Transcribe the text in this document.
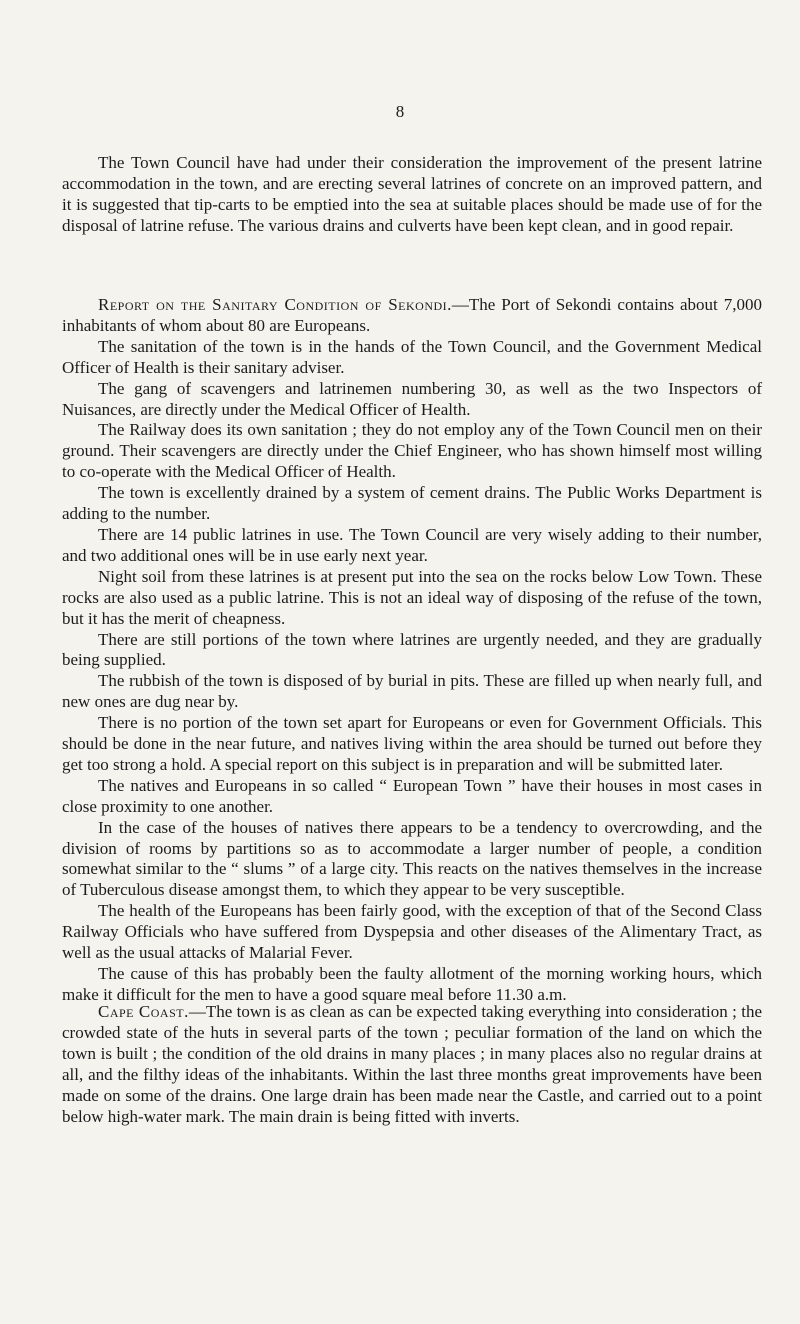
8

The Town Council have had under their consideration the improvement of the present latrine accommodation in the town, and are erecting several latrines of concrete on an improved pattern, and it is suggested that tip-carts to be emptied into the sea at suitable places should be made use of for the disposal of latrine refuse. The various drains and culverts have been kept clean, and in good repair.

Report on the Sanitary Condition of Sekondi.—The Port of Sekondi contains about 7,000 inhabitants of whom about 80 are Europeans.

The sanitation of the town is in the hands of the Town Council, and the Government Medical Officer of Health is their sanitary adviser.

The gang of scavengers and latrinemen numbering 30, as well as the two Inspectors of Nuisances, are directly under the Medical Officer of Health.

The Railway does its own sanitation ; they do not employ any of the Town Council men on their ground. Their scavengers are directly under the Chief Engineer, who has shown himself most willing to co-operate with the Medical Officer of Health.

The town is excellently drained by a system of cement drains. The Public Works Department is adding to the number.

There are 14 public latrines in use. The Town Council are very wisely adding to their number, and two additional ones will be in use early next year.

Night soil from these latrines is at present put into the sea on the rocks below Low Town. These rocks are also used as a public latrine. This is not an ideal way of disposing of the refuse of the town, but it has the merit of cheapness.

There are still portions of the town where latrines are urgently needed, and they are gradually being supplied.

The rubbish of the town is disposed of by burial in pits. These are filled up when nearly full, and new ones are dug near by.

There is no portion of the town set apart for Europeans or even for Government Officials. This should be done in the near future, and natives living within the area should be turned out before they get too strong a hold. A special report on this subject is in preparation and will be submitted later.

The natives and Europeans in so called “ European Town ” have their houses in most cases in close proximity to one another.

In the case of the houses of natives there appears to be a tendency to overcrowding, and the division of rooms by partitions so as to accommodate a larger number of people, a condition somewhat similar to the “ slums ” of a large city. This reacts on the natives themselves in the increase of Tuberculous disease amongst them, to which they appear to be very susceptible.

The health of the Europeans has been fairly good, with the exception of that of the Second Class Railway Officials who have suffered from Dyspepsia and other diseases of the Alimentary Tract, as well as the usual attacks of Malarial Fever.

The cause of this has probably been the faulty allotment of the morning working hours, which make it difficult for the men to have a good square meal before 11.30 a.m.

Cape Coast.—The town is as clean as can be expected taking everything into consideration ; the crowded state of the huts in several parts of the town ; peculiar formation of the land on which the town is built ; the condition of the old drains in many places ; in many places also no regular drains at all, and the filthy ideas of the inhabitants. Within the last three months great improvements have been made on some of the drains. One large drain has been made near the Castle, and carried out to a point below high-water mark. The main drain is being fitted with inverts.
